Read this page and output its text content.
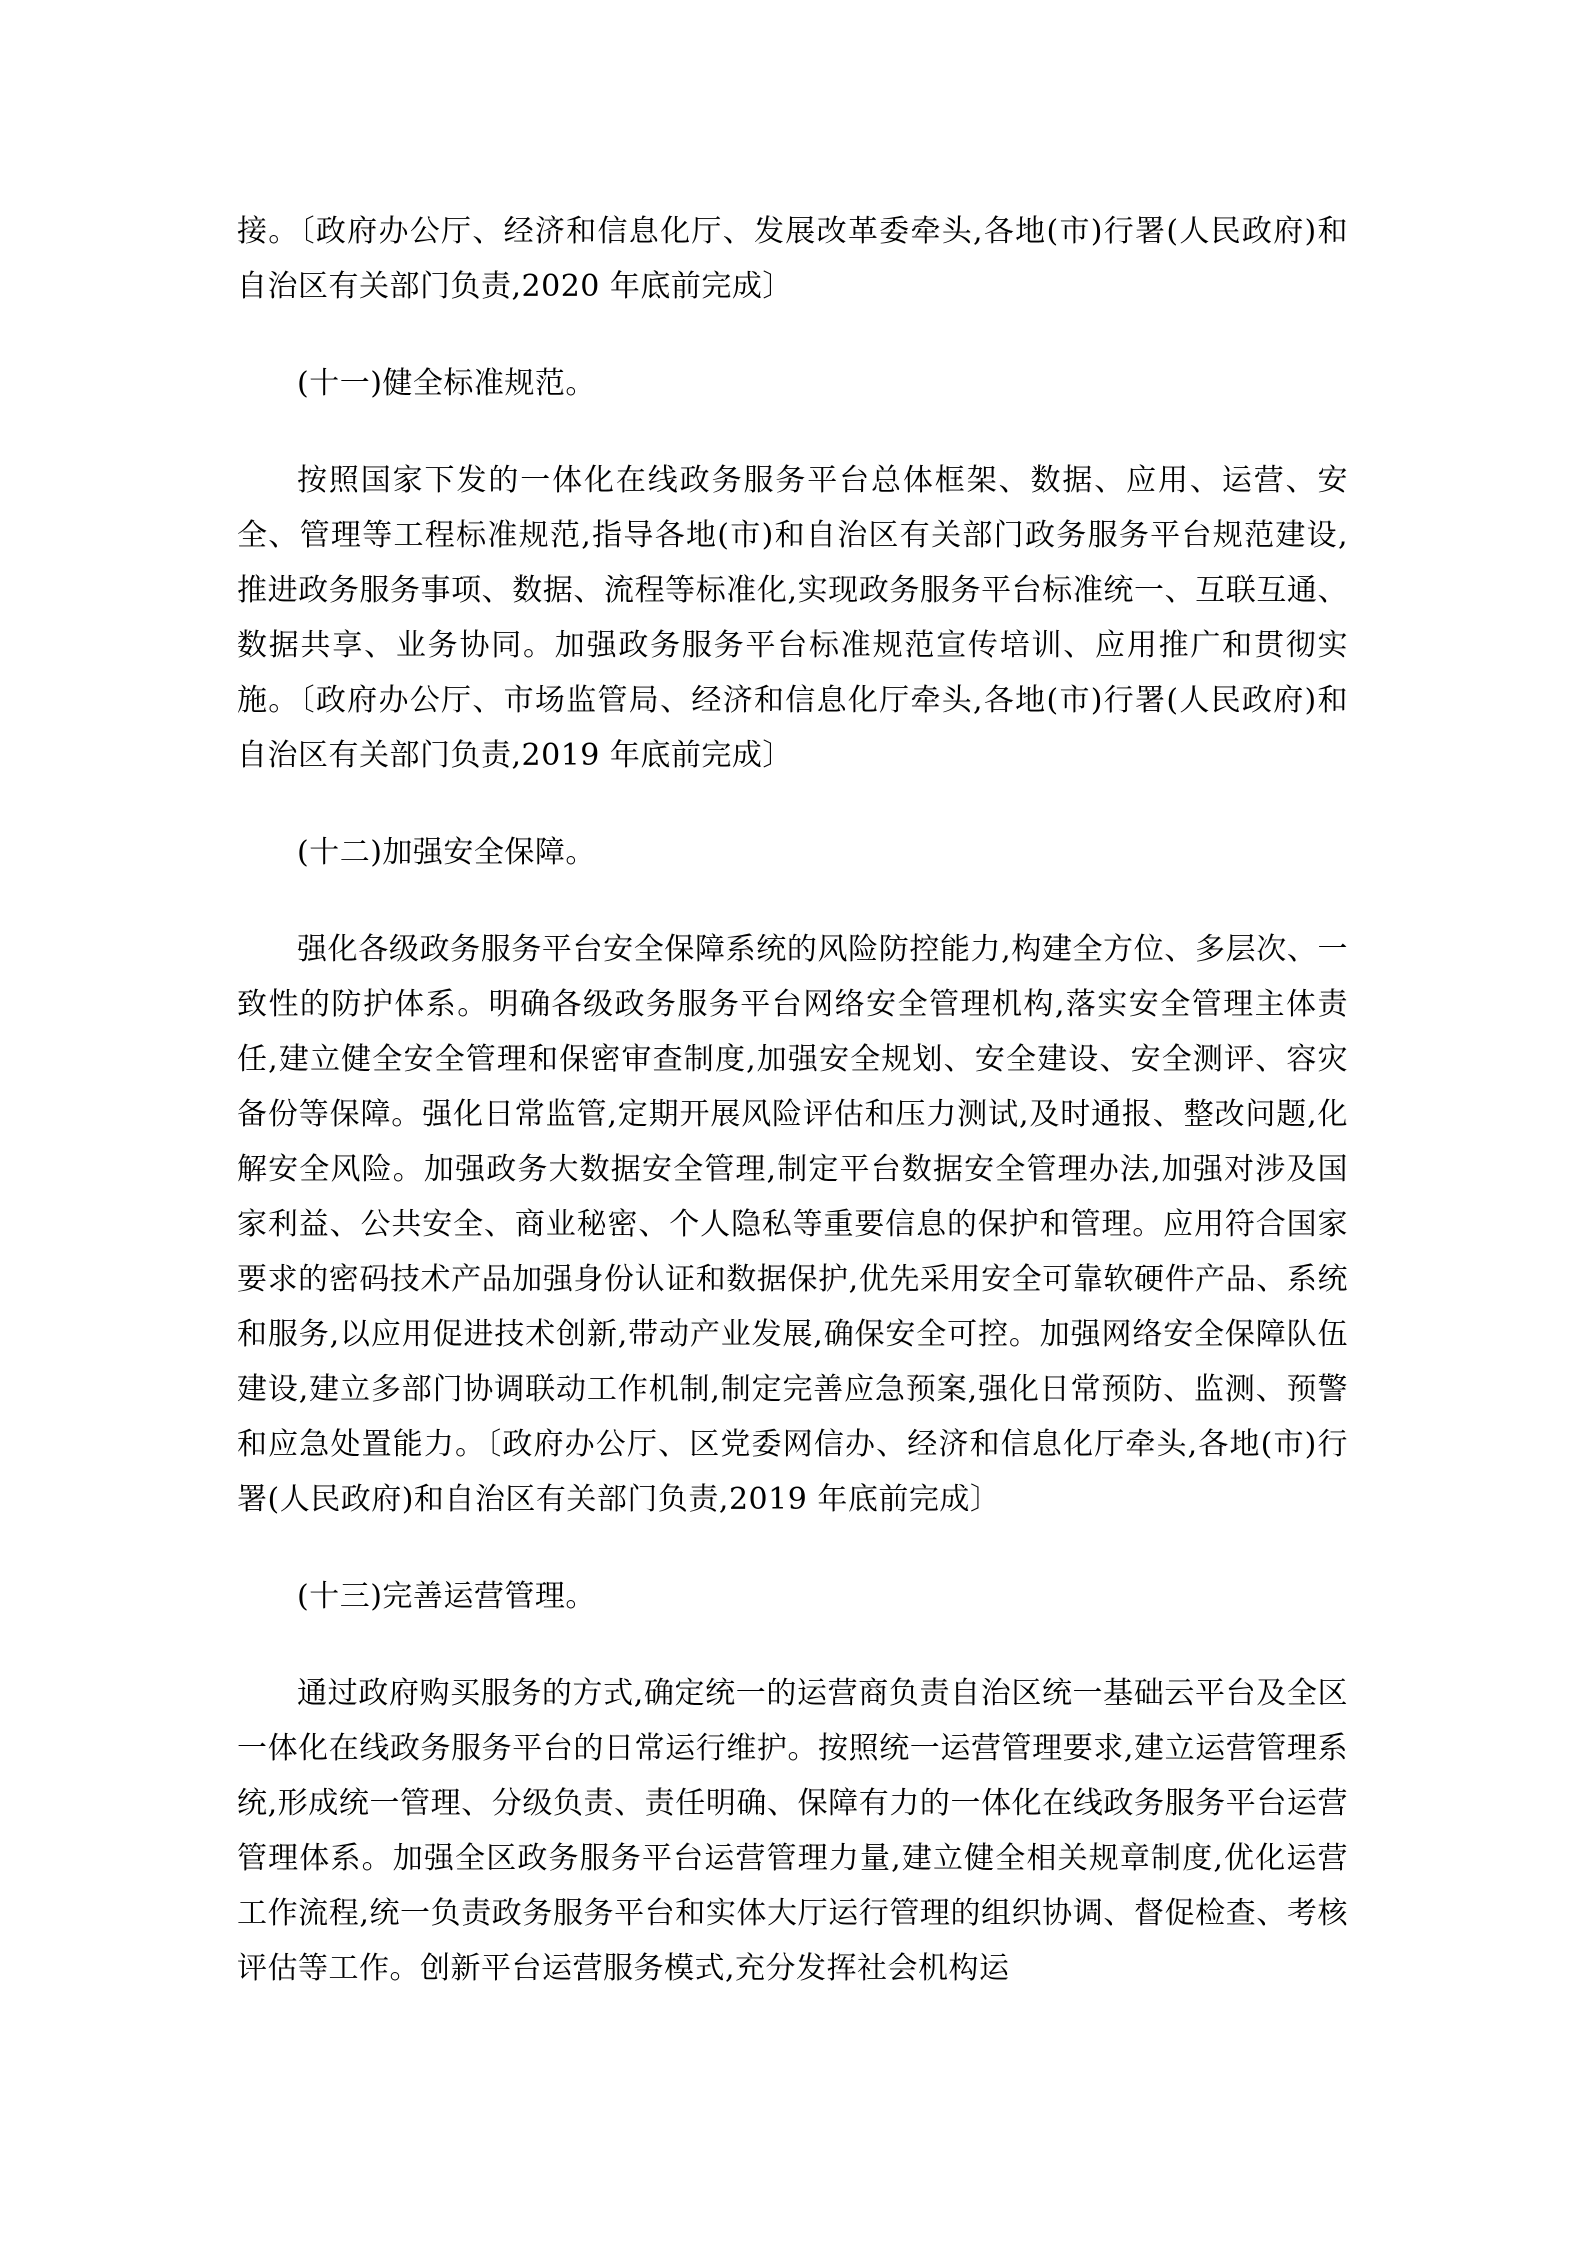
接。〔政府办公厅、经济和信息化厅、发展改革委牵头,各地(市)行署(人民政府)和自治区有关部门负责,2020 年底前完成〕

(十一)健全标准规范。

按照国家下发的一体化在线政务服务平台总体框架、数据、应用、运营、安全、管理等工程标准规范,指导各地(市)和自治区有关部门政务服务平台规范建设,推进政务服务事项、数据、流程等标准化,实现政务服务平台标准统一、互联互通、数据共享、业务协同。加强政务服务平台标准规范宣传培训、应用推广和贯彻实施。〔政府办公厅、市场监管局、经济和信息化厅牵头,各地(市)行署(人民政府)和自治区有关部门负责,2019 年底前完成〕

(十二)加强安全保障。

强化各级政务服务平台安全保障系统的风险防控能力,构建全方位、多层次、一致性的防护体系。明确各级政务服务平台网络安全管理机构,落实安全管理主体责任,建立健全安全管理和保密审查制度,加强安全规划、安全建设、安全测评、容灾备份等保障。强化日常监管,定期开展风险评估和压力测试,及时通报、整改问题,化解安全风险。加强政务大数据安全管理,制定平台数据安全管理办法,加强对涉及国家利益、公共安全、商业秘密、个人隐私等重要信息的保护和管理。应用符合国家要求的密码技术产品加强身份认证和数据保护,优先采用安全可靠软硬件产品、系统和服务,以应用促进技术创新,带动产业发展,确保安全可控。加强网络安全保障队伍建设,建立多部门协调联动工作机制,制定完善应急预案,强化日常预防、监测、预警和应急处置能力。〔政府办公厅、区党委网信办、经济和信息化厅牵头,各地(市)行署(人民政府)和自治区有关部门负责,2019 年底前完成〕

(十三)完善运营管理。

通过政府购买服务的方式,确定统一的运营商负责自治区统一基础云平台及全区一体化在线政务服务平台的日常运行维护。按照统一运营管理要求,建立运营管理系统,形成统一管理、分级负责、责任明确、保障有力的一体化在线政务服务平台运营管理体系。加强全区政务服务平台运营管理力量,建立健全相关规章制度,优化运营工作流程,统一负责政务服务平台和实体大厅运行管理的组织协调、督促检查、考核评估等工作。创新平台运营服务模式,充分发挥社会机构运
